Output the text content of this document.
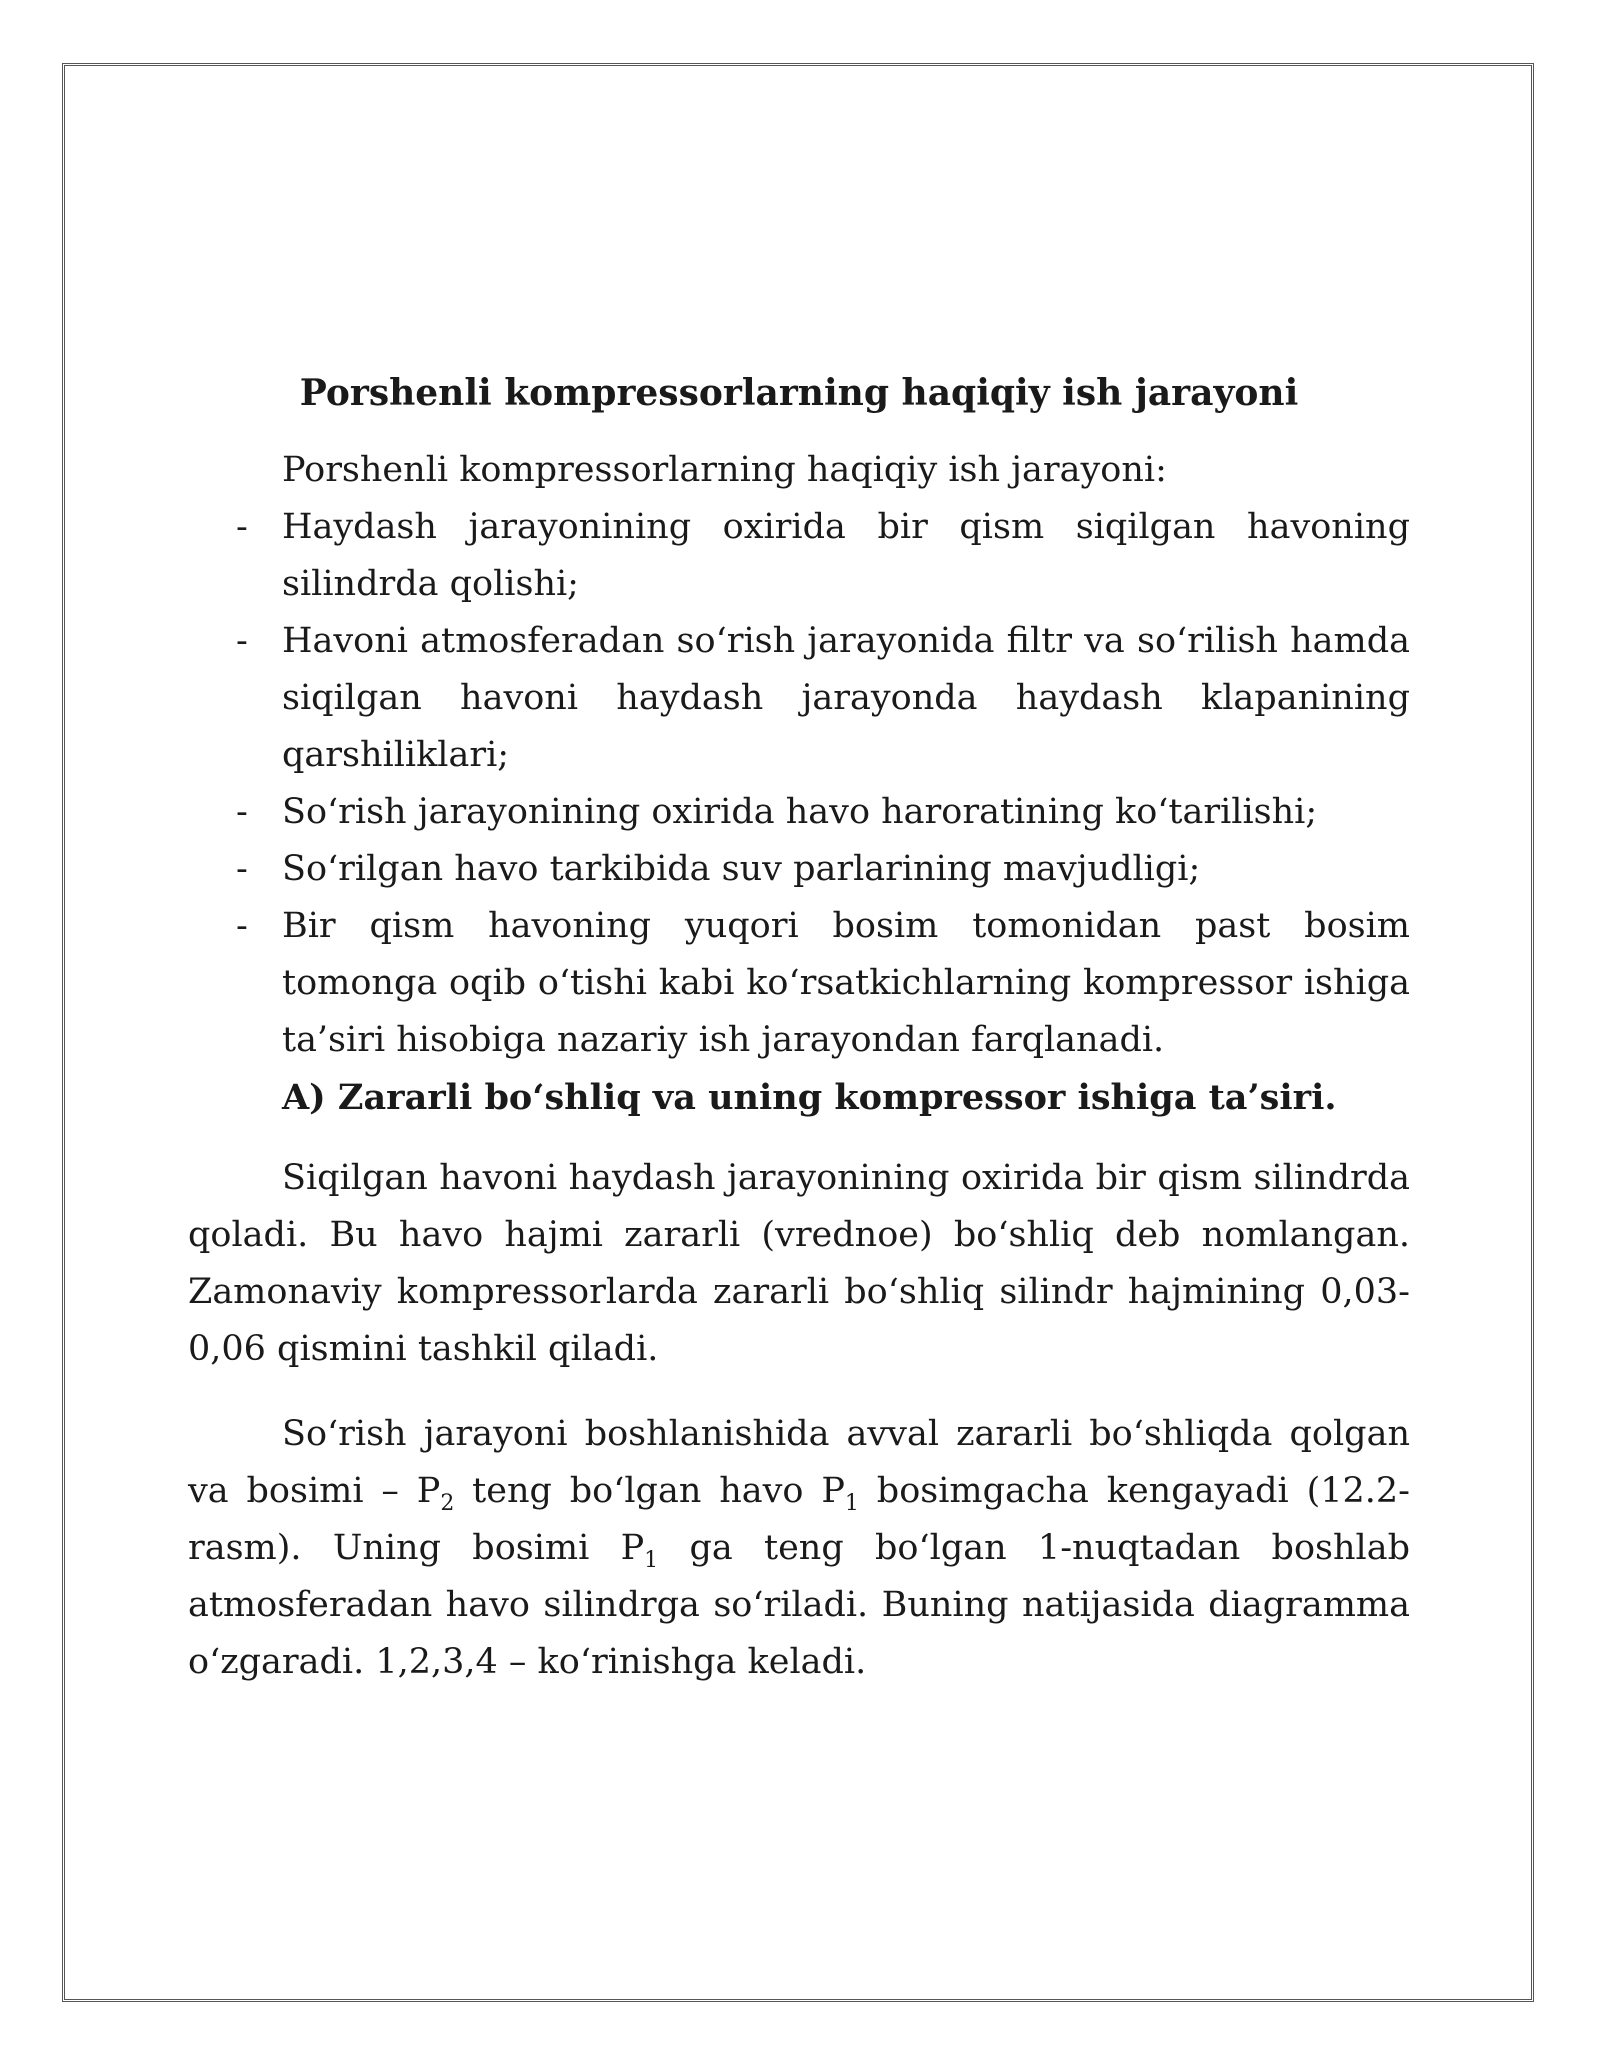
Porshenli kompressorlarning haqiqiy ish jarayoni

Porshenli kompressorlarning haqiqiy ish jarayoni:

- Haydash jarayonining oxirida bir qism siqilgan havoning silindrda qolishi;
- Havoni atmosferadan so‘rish jarayonida filtr va so‘rilish hamda siqilgan havoni haydash jarayonda haydash klapanining qarshiliklari;
- So‘rish jarayonining oxirida havo haroratining ko‘tarilishi;
- So‘rilgan havo tarkibida suv parlarining mavjudligi;
- Bir qism havoning yuqori bosim tomonidan past bosim tomonga oqib o‘tishi kabi ko‘rsatkichlarning kompressor ishiga ta’siri hisobiga nazariy ish jarayondan farqlanadi.

A) Zararli bo‘shliq va uning kompressor ishiga ta’siri.

Siqilgan havoni haydash jarayonining oxirida bir qism silindrda qoladi. Bu havo hajmi zararli (vrednoe) bo‘shliq deb nomlangan. Zamonaviy kompressorlarda zararli bo‘shliq silindr hajmining 0,03-0,06 qismini tashkil qiladi.

So‘rish jarayoni boshlanishida avval zararli bo‘shliqda qolgan va bosimi – $P_2$ teng bo‘lgan havo $P_1$ bosimgacha kengayadi (12.2-rasm). Uning bosimi $P_1$ ga teng bo‘lgan 1-nuqtadan boshlab atmosferadan havo silindrga so‘riladi. Buning natijasida diagramma o‘zgaradi. 1,2,3,4 – ko‘rinishga keladi.
